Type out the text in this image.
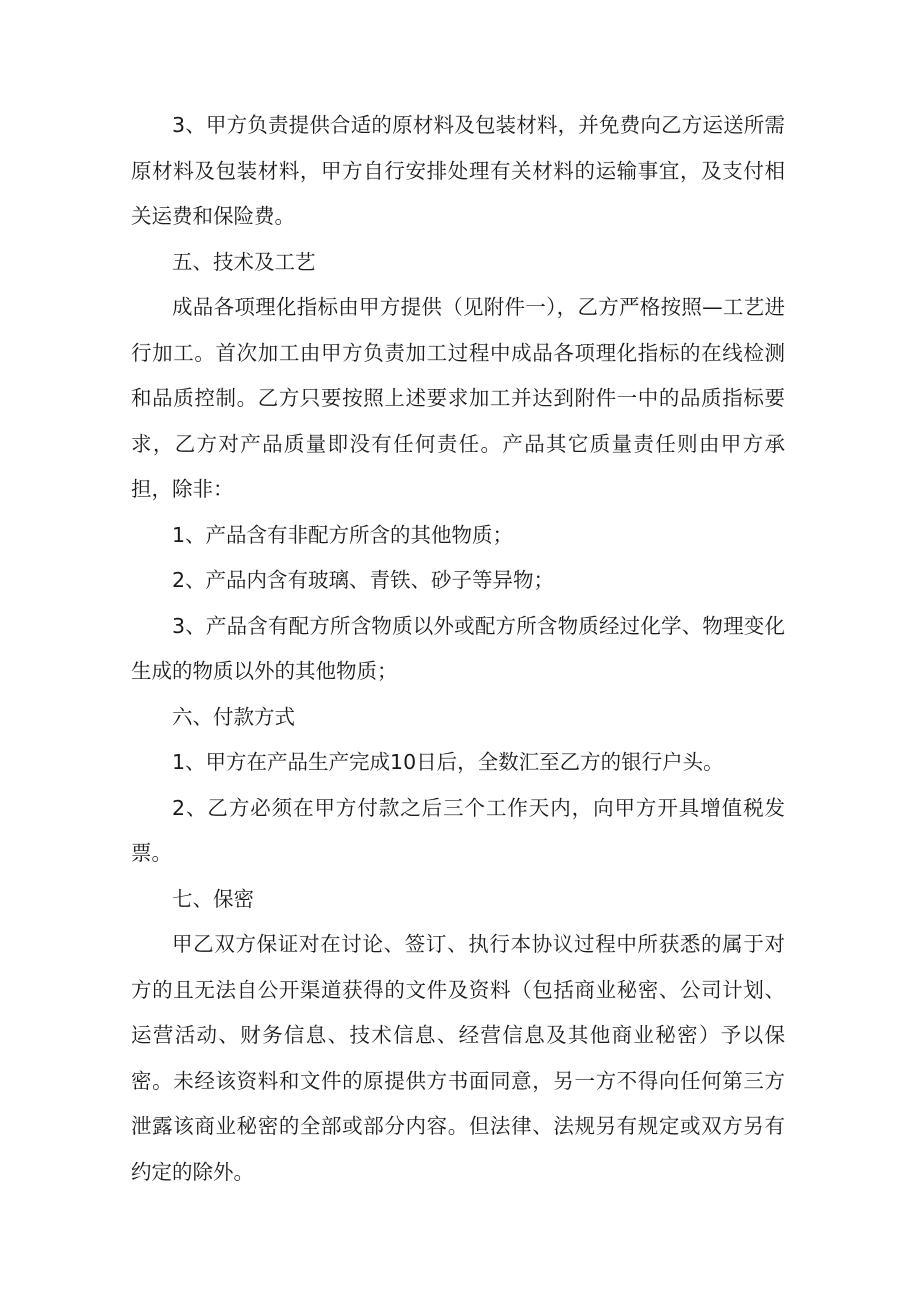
3、甲方负责提供合适的原材料及包装材料，并免费向乙方运送所需原材料及包装材料，甲方自行安排处理有关材料的运输事宜，及支付相关运费和保险费。

五、技术及工艺

成品各项理化指标由甲方提供（见附件一），乙方严格按照—工艺进行加工。首次加工由甲方负责加工过程中成品各项理化指标的在线检测和品质控制。乙方只要按照上述要求加工并达到附件一中的品质指标要求，乙方对产品质量即没有任何责任。产品其它质量责任则由甲方承担，除非：

1、产品含有非配方所含的其他物质；

2、产品内含有玻璃、青铁、砂子等异物；

3、产品含有配方所含物质以外或配方所含物质经过化学、物理变化生成的物质以外的其他物质；

六、付款方式

1、甲方在产品生产完成10日后，全数汇至乙方的银行户头。

2、乙方必须在甲方付款之后三个工作天内，向甲方开具增值税发票。

七、保密

甲乙双方保证对在讨论、签订、执行本协议过程中所获悉的属于对方的且无法自公开渠道获得的文件及资料（包括商业秘密、公司计划、运营活动、财务信息、技术信息、经营信息及其他商业秘密）予以保密。未经该资料和文件的原提供方书面同意，另一方不得向任何第三方泄露该商业秘密的全部或部分内容。但法律、法规另有规定或双方另有约定的除外。
